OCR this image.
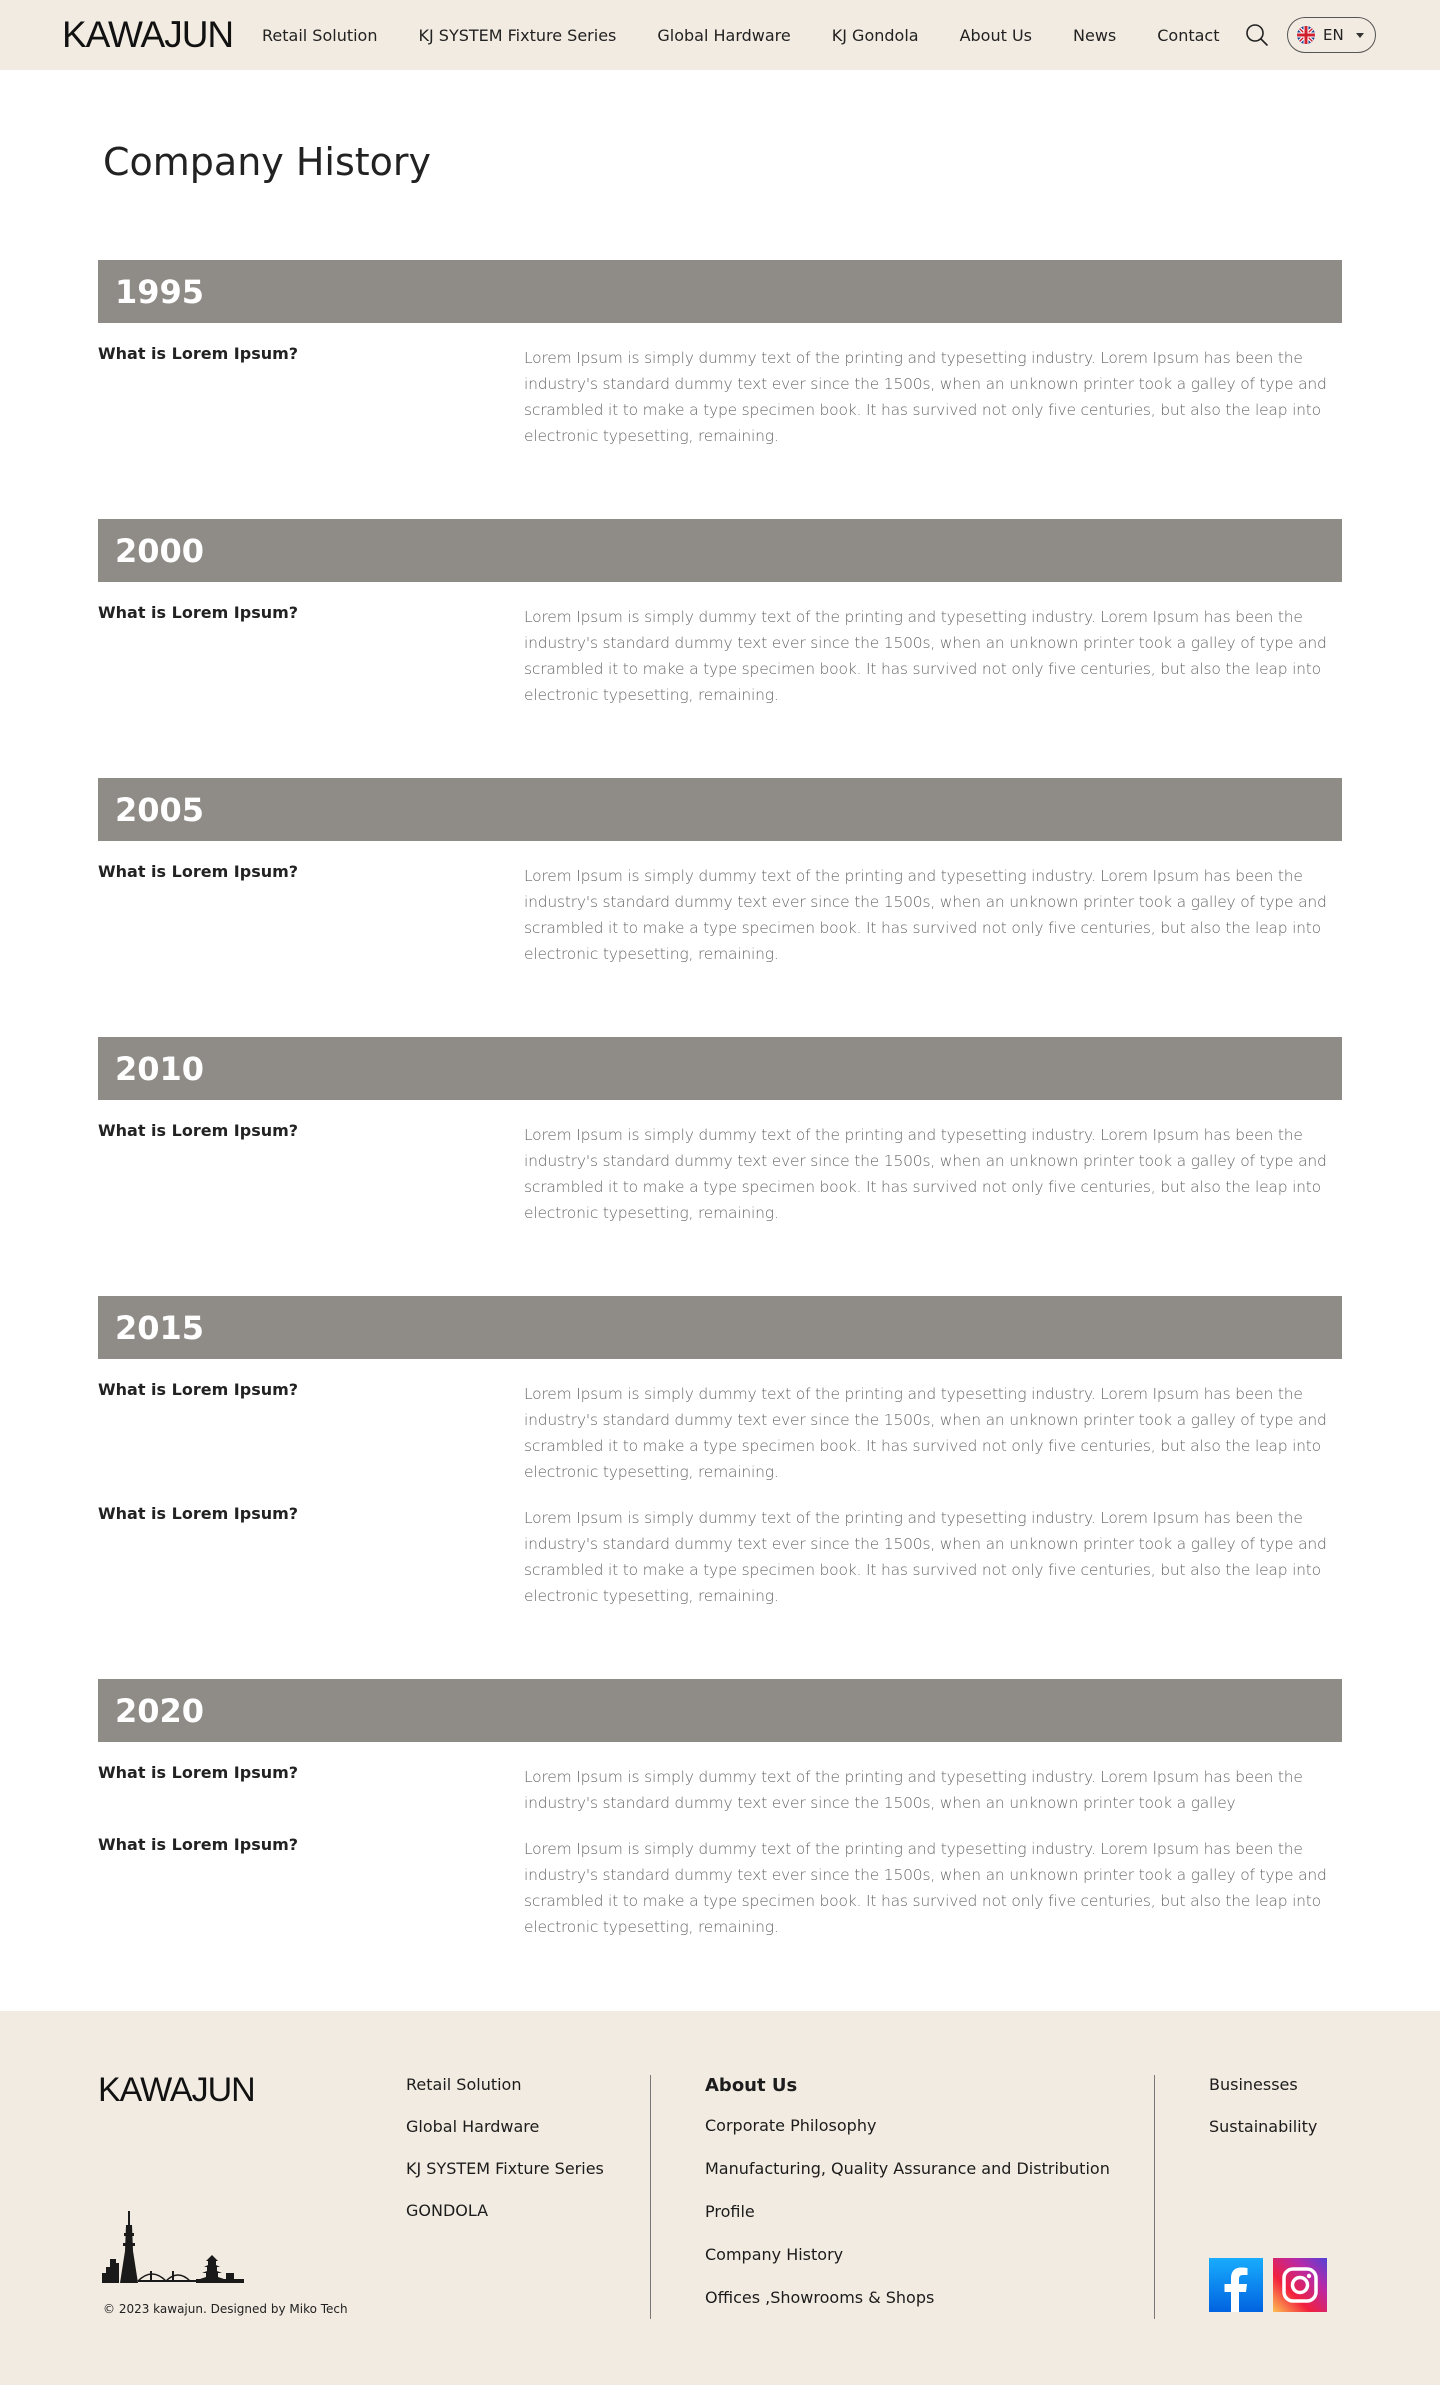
KAWAJUN Retail Solution	KJ SYSTEM Fixture Series	Global Hardware	KJ Gondola	About Us	News	Contact	EN
Company History
1995
What is Lorem Ipsum?	Lorem Ipsum is simply dummy text of the printing and typesetting industry. Lorem Ipsum has been the industry's standard dummy text ever since the 1500s, when an unknown printer took a galley of type and scrambled it to make a type specimen book. It has survived not only five centuries, but also the leap into electronic typesetting, remaining.
2000
What is Lorem Ipsum?	Lorem Ipsum is simply dummy text of the printing and typesetting industry. Lorem Ipsum has been the industry's standard dummy text ever since the 1500s, when an unknown printer took a galley of type and scrambled it to make a type specimen book. It has survived not only five centuries, but also the leap into electronic typesetting, remaining.
2005
What is Lorem Ipsum?	Lorem Ipsum is simply dummy text of the printing and typesetting industry. Lorem Ipsum has been the industry's standard dummy text ever since the 1500s, when an unknown printer took a galley of type and scrambled it to make a type specimen book. It has survived not only five centuries, but also the leap into electronic typesetting, remaining.
2010
What is Lorem Ipsum?	Lorem Ipsum is simply dummy text of the printing and typesetting industry. Lorem Ipsum has been the industry's standard dummy text ever since the 1500s, when an unknown printer took a galley of type and scrambled it to make a type specimen book. It has survived not only five centuries, but also the leap into electronic typesetting, remaining.
2015
What is Lorem Ipsum?	Lorem Ipsum is simply dummy text of the printing and typesetting industry. Lorem Ipsum has been the industry's standard dummy text ever since the 1500s, when an unknown printer took a galley of type and scrambled it to make a type specimen book. It has survived not only five centuries, but also the leap into electronic typesetting, remaining.
What is Lorem Ipsum?	Lorem Ipsum is simply dummy text of the printing and typesetting industry. Lorem Ipsum has been the industry's standard dummy text ever since the 1500s, when an unknown printer took a galley of type and scrambled it to make a type specimen book. It has survived not only five centuries, but also the leap into electronic typesetting, remaining.
2020
What is Lorem Ipsum?	Lorem Ipsum is simply dummy text of the printing and typesetting industry. Lorem Ipsum has been the industry's standard dummy text ever since the 1500s, when an unknown printer took a galley
What is Lorem Ipsum?	Lorem Ipsum is simply dummy text of the printing and typesetting industry. Lorem Ipsum has been the industry's standard dummy text ever since the 1500s, when an unknown printer took a galley of type and scrambled it to make a type specimen book. It has survived not only five centuries, but also the leap into electronic typesetting, remaining.
KAWAJUN
© 2023 kawajun. Designed by Miko Tech
Retail Solution
Global Hardware
KJ SYSTEM Fixture Series
GONDOLA
About Us
Corporate Philosophy
Manufacturing, Quality Assurance and Distribution
Profile
Company History
Offices ,Showrooms & Shops
Businesses
Sustainability
